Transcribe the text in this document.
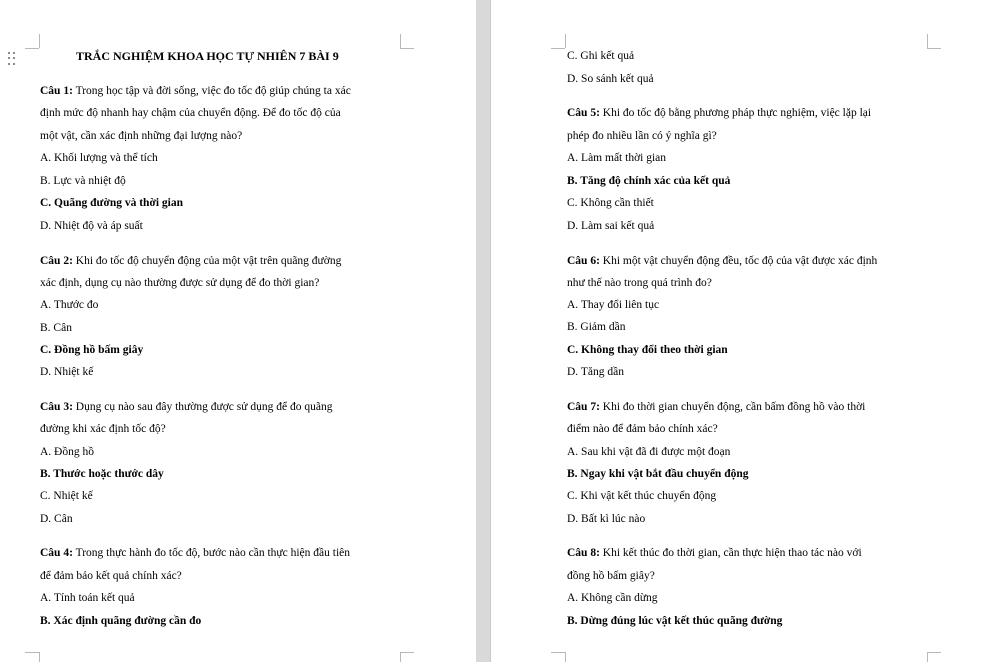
TRẮC NGHIỆM KHOA HỌC TỰ NHIÊN 7 BÀI 9
Câu 1: Trong học tập và đời sống, việc đo tốc độ giúp chúng ta xác
định mức độ nhanh hay chậm của chuyển động. Để đo tốc độ của
một vật, cần xác định những đại lượng nào?
A. Khối lượng và thể tích
B. Lực và nhiệt độ
C. Quãng đường và thời gian
D. Nhiệt độ và áp suất
Câu 2: Khi đo tốc độ chuyển động của một vật trên quãng đường
xác định, dụng cụ nào thường được sử dụng để đo thời gian?
A. Thước đo
B. Cân
C. Đồng hồ bấm giây
D. Nhiệt kế
Câu 3: Dụng cụ nào sau đây thường được sử dụng để đo quãng
đường khi xác định tốc độ?
A. Đồng hồ
B. Thước hoặc thước dây
C. Nhiệt kế
D. Cân
Câu 4: Trong thực hành đo tốc độ, bước nào cần thực hiện đầu tiên
để đảm bảo kết quả chính xác?
A. Tính toán kết quả
B. Xác định quãng đường cần đo
C. Ghi kết quả
D. So sánh kết quả
Câu 5: Khi đo tốc độ bằng phương pháp thực nghiệm, việc lặp lại
phép đo nhiều lần có ý nghĩa gì?
A. Làm mất thời gian
B. Tăng độ chính xác của kết quả
C. Không cần thiết
D. Làm sai kết quả
Câu 6: Khi một vật chuyển động đều, tốc độ của vật được xác định
như thế nào trong quá trình đo?
A. Thay đổi liên tục
B. Giảm dần
C. Không thay đổi theo thời gian
D. Tăng dần
Câu 7: Khi đo thời gian chuyển động, cần bấm đồng hồ vào thời
điểm nào để đảm bảo chính xác?
A. Sau khi vật đã đi được một đoạn
B. Ngay khi vật bắt đầu chuyển động
C. Khi vật kết thúc chuyển động
D. Bất kì lúc nào
Câu 8: Khi kết thúc đo thời gian, cần thực hiện thao tác nào với
đồng hồ bấm giây?
A. Không cần dừng
B. Dừng đúng lúc vật kết thúc quãng đường
